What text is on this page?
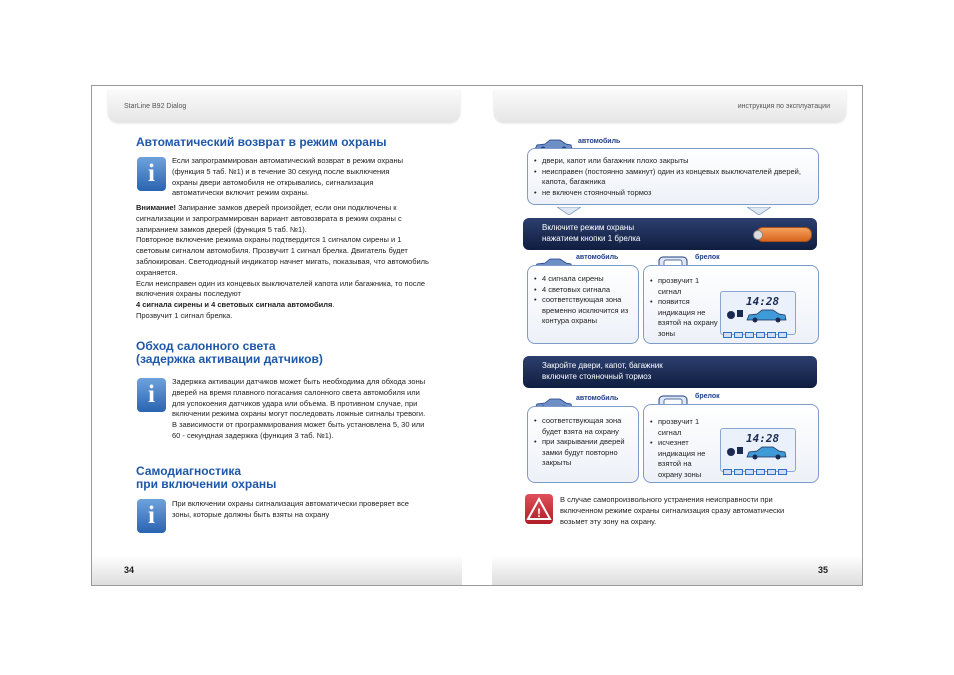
StarLine B92 Dialog	инструкция по эксплуатации
Автоматический возврат в режим охраны
i	Если запрограммирован автоматический возврат в режим охраны (функция 5 таб. №1) и в течение 30 секунд после выключения охраны двери автомобиля не открывались, сигнализация автоматически включит режим охраны.

Внимание! Запирание замков дверей произойдет, если они подключены к сигнализации и запрограммирован вариант автовозврата в режим охраны с запиранием замков дверей (функция 5 таб. №1).

Повторное включение режима охраны подтвердится 1 сигналом сирены и 1 световым сигналом автомобиля. Прозвучит 1 сигнал брелка. Двигатель будет заблокирован. Светодиодный индикатор начнет мигать, показывая, что автомобиль охраняется.

Если неисправен один из концевых выключателей капота или багажника, то после включения охраны последуют

4 сигнала сирены и 4 световых сигнала автомобиля.

Прозвучит 1 сигнал брелка.

Обход салонного света
(задержка активации датчиков)
i	Задержка активации датчиков может быть необходима для обхода зоны дверей на время плавного погасания салонного света автомобиля или для успокоения датчиков удара или объема. В противном случае, при включении режима охраны могут последовать ложные сигналы тревоги.

В зависимости от программирования может быть установлена 5, 30 или 60 - секундная задержка (функция 3 таб. №1).

Самодиагностика
при включении охраны
i	При включении охраны сигнализация автоматически проверяет все зоны, которые должны быть взяты на охрану
автомобиль
• двери, капот или багажник плохо закрыты
• неисправен (постоянно замкнут) один из концевых выключателей дверей, капота, багажника
• не включен стояночный тормоз
Включите режим охраны
нажатием кнопки 1 брелка
автомобиль
• 4 сигнала сирены
• 4 световых сигнала
• соответствующая зона временно исключится из контура охраны
брелок
• прозвучит 1 сигнал
• появится индикация не взятой на охрану зоны
14:28
Закройте двери, капот, багажник
включите стояночный тормоз
автомобиль
• соответствующая зона будет взята на охрану
• при закрывании дверей замки будут повторно закрыты
брелок
• прозвучит 1 сигнал
• исчезнет индикация не взятой на охрану зоны
14:28
!
В случае самопроизвольного устранения неисправности при включенном режиме охраны сигнализация сразу автоматически возьмет эту зону на охрану.
34	35
